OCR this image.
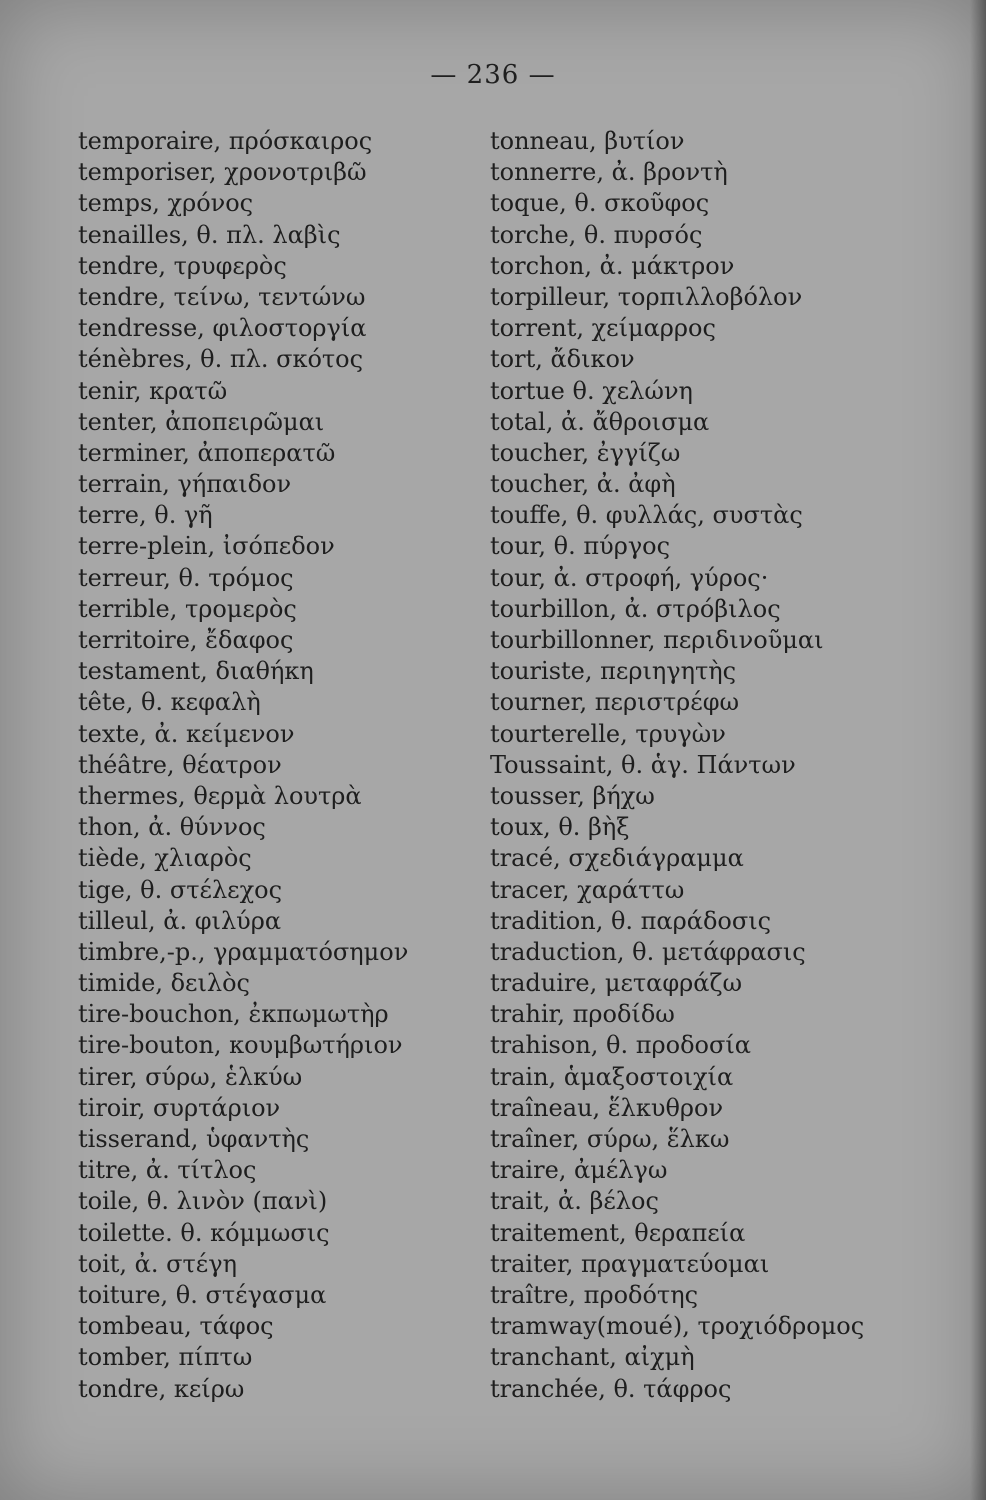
— 236 —
temporaire, πρόσκαιρος
temporiser, χρονοτριβῶ
temps, χρόνος
tenailles, θ. πλ. λαβὶς
tendre, τρυφερὸς
tendre, τείνω, τεντώνω
tendresse, φιλοστοργία
ténèbres, θ. πλ. σκότος
tenir, κρατῶ
tenter, ἀποπειρῶμαι
terminer, ἀποπερατῶ
terrain, γήπαιδον
terre, θ. γῆ
terre-plein, ἰσόπεδον
terreur, θ. τρόμος
terrible, τρομερὸς
territoire, ἔδαφος
testament, διαθήκη
tête, θ. κεφαλὴ
texte, ἀ. κείμενον
théâtre, θέατρον
thermes, θερμὰ λουτρὰ
thon, ἀ. θύννος
tiède, χλιαρὸς
tige, θ. στέλεχος
tilleul, ἀ. φιλύρα
timbre,-p., γραμματόσημον
timide, δειλὸς
tire-bouchon, ἐκπωμωτὴρ
tire-bouton, κουμβωτήριον
tirer, σύρω, ἑλκύω
tiroir, συρτάριον
tisserand, ὑφαντὴς
titre, ἀ. τίτλος
toile, θ. λινὸν (πανὶ)
toilette. θ. κόμμωσις
toit, ἀ. στέγη
toiture, θ. στέγασμα
tombeau, τάφος
tomber, πίπτω
tondre, κείρω
tonneau, βυτίον
tonnerre, ἀ. βροντὴ
toque, θ. σκοῦφος
torche, θ. πυρσός
torchon, ἀ. μάκτρον
torpilleur, τορπιλλοβόλον
torrent, χείμαρρος
tort, ἄδικον
tortue θ. χελώνη
total, ἀ. ἄθροισμα
toucher, ἐγγίζω
toucher, ἀ. ἀφὴ
touffe, θ. φυλλάς, συστὰς
tour, θ. πύργος
tour, ἀ. στροφή, γύρος·
tourbillon, ἀ. στρόβιλος
tourbillonner, περιδινοῦμαι
touriste, περιηγητὴς
tourner, περιστρέφω
tourterelle, τρυγὼν
Toussaint, θ. ἁγ. Πάντων
tousser, βήχω
toux, θ. βὴξ
tracé, σχεδιάγραμμα
tracer, χαράττω
tradition, θ. παράδοσις
traduction, θ. μετάφρασις
traduire, μεταφράζω
trahir, προδίδω
trahison, θ. προδοσία
train, ἁμαξοστοιχία
traîneau, ἕλκυθρον
traîner, σύρω, ἕλκω
traire, ἀμέλγω
trait, ἀ. βέλος
traitement, θεραπεία
traiter, πραγματεύομαι
traître, προδότης
tramway(moué), τροχιόδρομος
tranchant, αἰχμὴ
tranchée, θ. τάφρος
